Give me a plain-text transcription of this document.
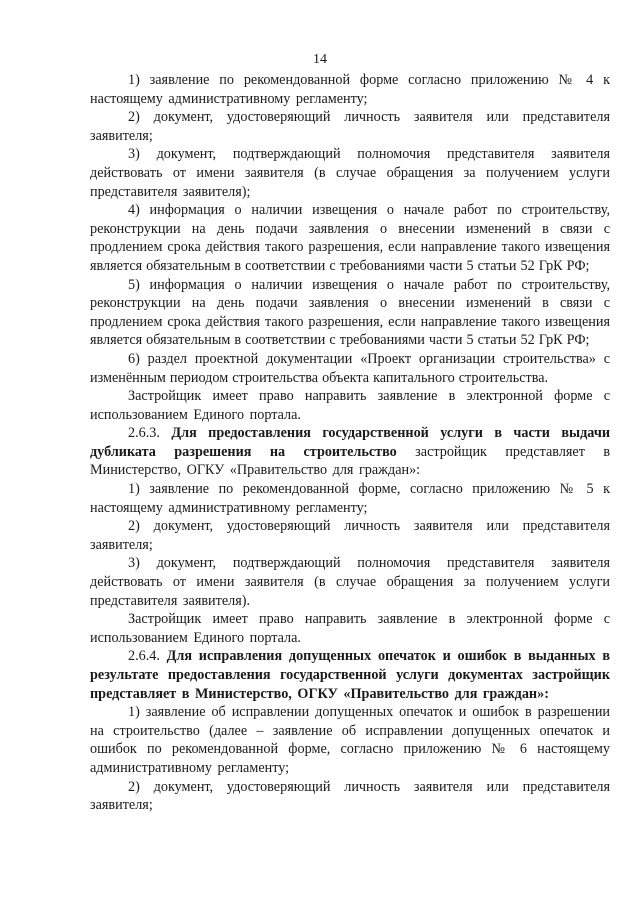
14

1) заявление по рекомендованной форме согласно приложению № 4 к настоящему административному регламенту;

2) документ, удостоверяющий личность заявителя или представителя заявителя;

3) документ, подтверждающий полномочия представителя заявителя действовать от имени заявителя (в случае обращения за получением услуги представителя заявителя);

4) информация о наличии извещения о начале работ по строительству, реконструкции на день подачи заявления о внесении изменений в связи с продлением срока действия такого разрешения, если направление такого извещения является обязательным в соответствии с требованиями части 5 статьи 52 ГрК РФ;

5) информация о наличии извещения о начале работ по строительству, реконструкции на день подачи заявления о внесении изменений в связи с продлением срока действия такого разрешения, если направление такого извещения является обязательным в соответствии с требованиями части 5 статьи 52 ГрК РФ;

6) раздел проектной документации «Проект организации строительства» с изменённым периодом строительства объекта капитального строительства.

Застройщик имеет право направить заявление в электронной форме с использованием Единого портала.

2.6.3. Для предоставления государственной услуги в части выдачи дубликата разрешения на строительство застройщик представляет в Министерство, ОГКУ «Правительство для граждан»:

1) заявление по рекомендованной форме, согласно приложению № 5 к настоящему административному регламенту;

2) документ, удостоверяющий личность заявителя или представителя заявителя;

3) документ, подтверждающий полномочия представителя заявителя действовать от имени заявителя (в случае обращения за получением услуги представителя заявителя).

Застройщик имеет право направить заявление в электронной форме с использованием Единого портала.

2.6.4. Для исправления допущенных опечаток и ошибок в выданных в результате предоставления государственной услуги документах застройщик представляет в Министерство, ОГКУ «Правительство для граждан»:

1) заявление об исправлении допущенных опечаток и ошибок в разрешении на строительство (далее – заявление об исправлении допущенных опечаток и ошибок по рекомендованной форме, согласно приложению № 6 настоящему административному регламенту;

2) документ, удостоверяющий личность заявителя или представителя заявителя;
